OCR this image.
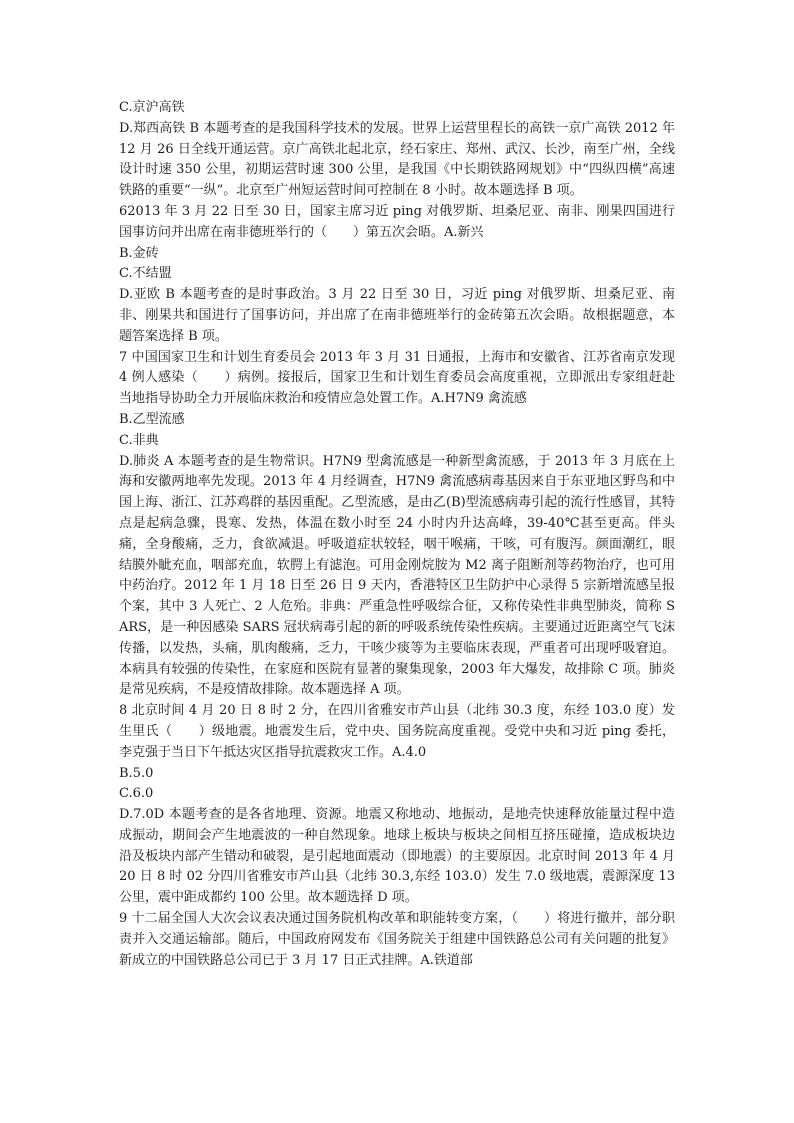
C.京沪高铁

D.郑西高铁 B 本题考查的是我国科学技术的发展。世界上运营里程长的高铁一京广高铁 2012 年 12 月 26 日全线开通运营。京广高铁北起北京，经石家庄、郑州、武汉、长沙，南至广州，全线设计时速 350 公里，初期运营时速 300 公里，是我国《中长期铁路网规划》中“四纵四横”高速铁路的重要“一纵”。北京至广州短运营时间可控制在 8 小时。故本题选择 B 项。

62013 年 3 月 22 日至 30 日，国家主席习近 ping 对俄罗斯、坦桑尼亚、南非、刚果四国进行国事访问并出席在南非德班举行的（　　）第五次会晤。A.新兴

B.金砖

C.不结盟

D.亚欧 B 本题考查的是时事政治。3 月 22 日至 30 日，习近 ping 对俄罗斯、坦桑尼亚、南非、刚果共和国进行了国事访问，并出席了在南非德班举行的金砖第五次会晤。故根据题意，本题答案选择 B 项。

7 中国国家卫生和计划生育委员会 2013 年 3 月 31 日通报，上海市和安徽省、江苏省南京发现 4 例人感染（　　）病例。接报后，国家卫生和计划生育委员会高度重视，立即派出专家组赶赴当地指导协助全力开展临床救治和疫情应急处置工作。A.H7N9 禽流感

B.乙型流感

C.非典

D.肺炎 A 本题考查的是生物常识。H7N9 型禽流感是一种新型禽流感，于 2013 年 3 月底在上海和安徽两地率先发现。2013 年 4 月经调查，H7N9 禽流感病毒基因来自于东亚地区野鸟和中国上海、浙江、江苏鸡群的基因重配。乙型流感，是由乙(B)型流感病毒引起的流行性感冒，其特点是起病急骤，畏寒、发热，体温在数小时至 24 小时内升达高峰，39-40℃甚至更高。伴头痛，全身酸痛，乏力，食欲减退。呼吸道症状较轻，咽干喉痛，干咳，可有腹泻。颜面潮红，眼结膜外眦充血，咽部充血，软腭上有滤泡。可用金刚烷胺为 M2 离子阻断剂等药物治疗，也可用中药治疗。2012 年 1 月 18 日至 26 日 9 天内，香港特区卫生防护中心录得 5 宗新增流感呈报个案，其中 3 人死亡、2 人危殆。非典：严重急性呼吸综合征，又称传染性非典型肺炎，简称 SARS，是一种因感染 SARS 冠状病毒引起的新的呼吸系统传染性疾病。主要通过近距离空气飞沫传播，以发热，头痛，肌肉酸痛，乏力，干咳少痰等为主要临床表现，严重者可出现呼吸窘迫。本病具有较强的传染性，在家庭和医院有显著的聚集现象，2003 年大爆发，故排除 C 项。肺炎是常见疾病，不是疫情故排除。故本题选择 A 项。

8 北京时间 4 月 20 日 8 时 2 分，在四川省雅安市芦山县（北纬 30.3 度，东经 103.0 度）发生里氏（　　）级地震。地震发生后，党中央、国务院高度重视。受党中央和习近 ping 委托，李克强于当日下午抵达灾区指导抗震救灾工作。A.4.0

B.5.0

C.6.0

D.7.0D 本题考查的是各省地理、资源。地震又称地动、地振动，是地壳快速释放能量过程中造成振动，期间会产生地震波的一种自然现象。地球上板块与板块之间相互挤压碰撞，造成板块边沿及板块内部产生错动和破裂，是引起地面震动（即地震）的主要原因。北京时间 2013 年 4 月 20 日 8 时 02 分四川省雅安市芦山县（北纬 30.3,东经 103.0）发生 7.0 级地震，震源深度 13 公里，震中距成都约 100 公里。故本题选择 D 项。

9 十二届全国人大次会议表决通过国务院机构改革和职能转变方案，（　　）将进行撤并，部分职责并入交通运输部。随后，中国政府网发布《国务院关于组建中国铁路总公司有关问题的批复》新成立的中国铁路总公司已于 3 月 17 日正式挂牌。A.铁道部
